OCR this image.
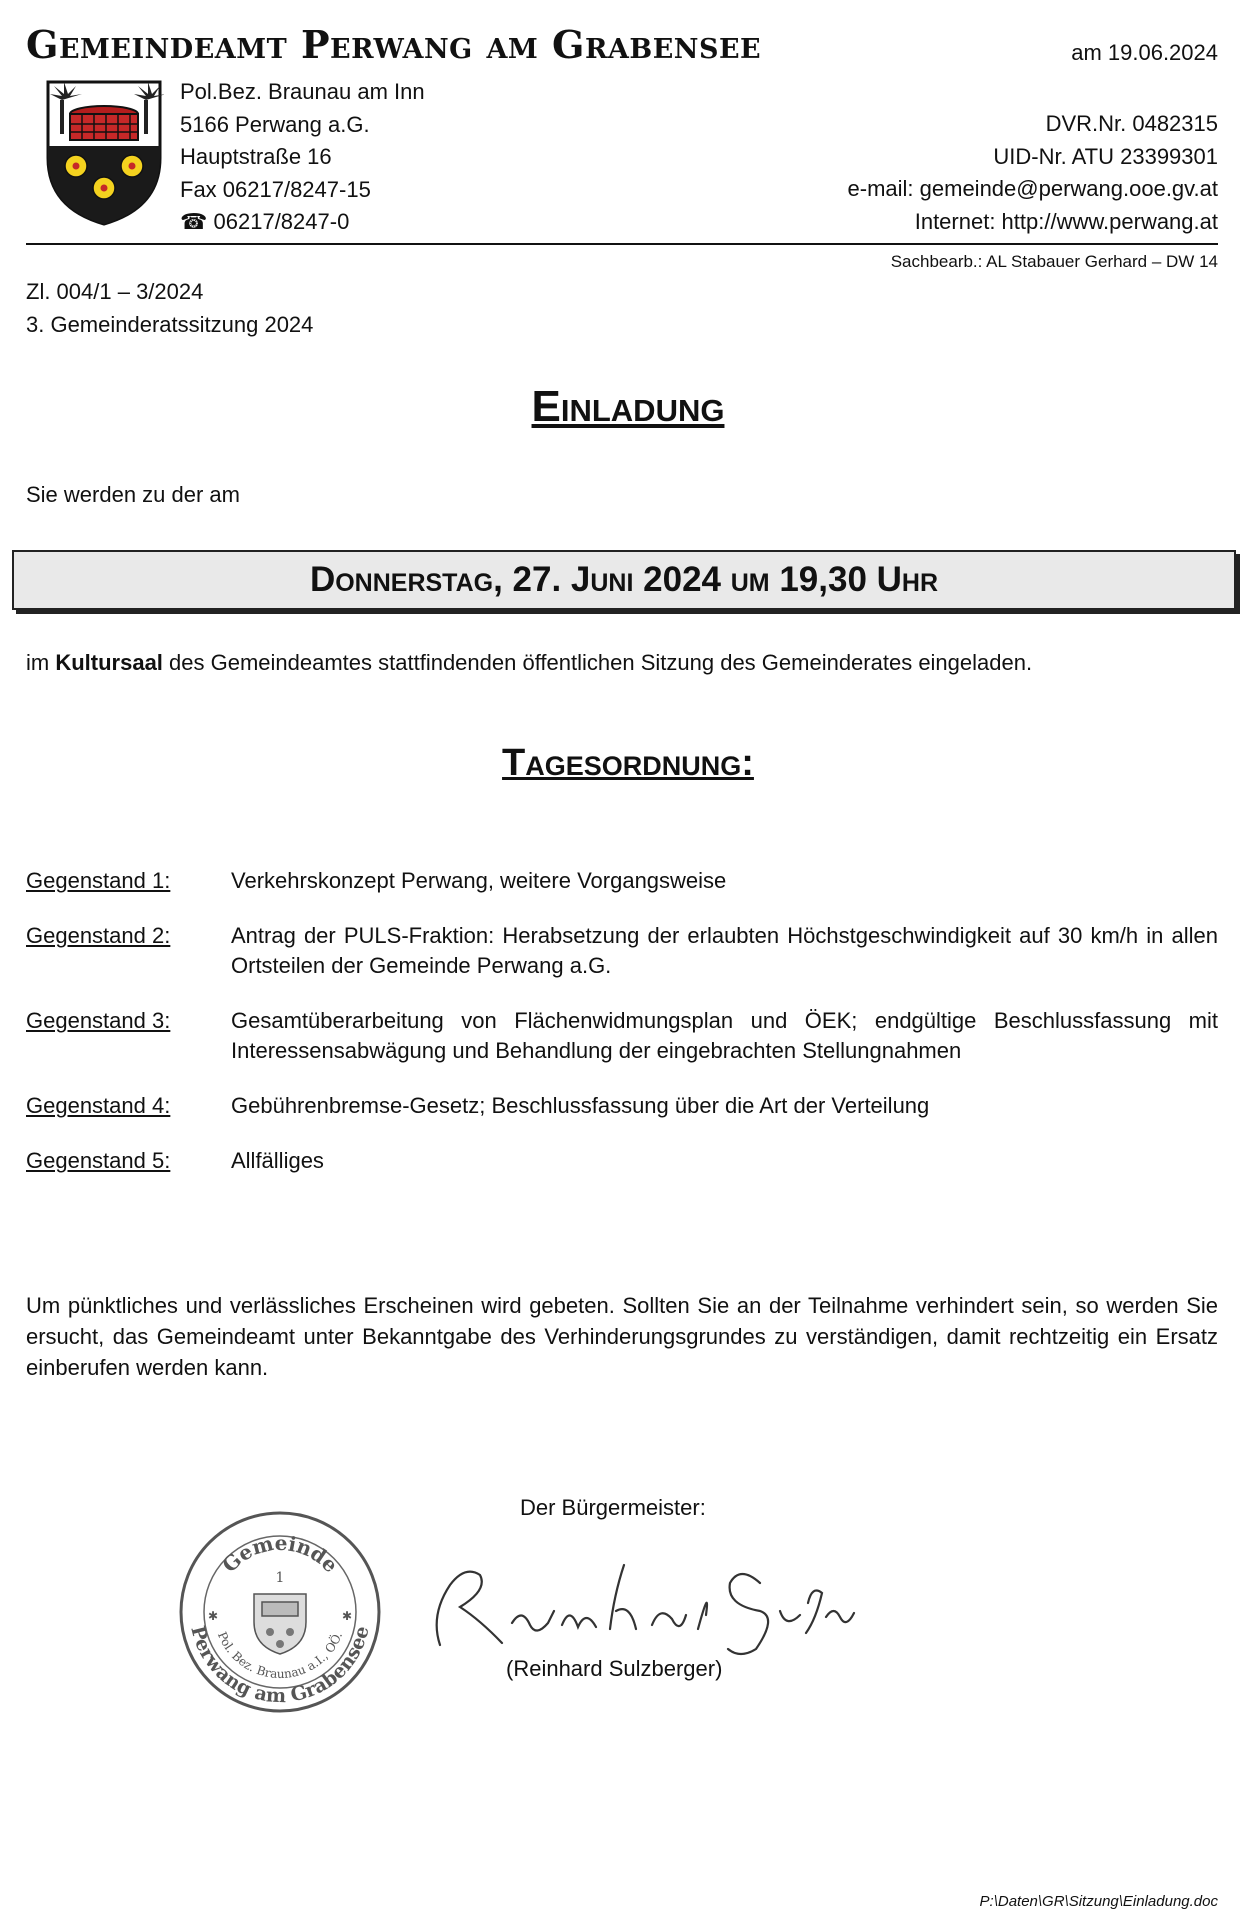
Gemeindeamt Perwang am Grabensee	am 19.06.2024
Pol.Bez. Braunau am Inn
5166 Perwang a.G.
Hauptstraße 16
Fax 06217/8247-15
☎ 06217/8247-0
DVR.Nr. 0482315
UID-Nr. ATU 23399301
e-mail: gemeinde@perwang.ooe.gv.at
Internet: http://www.perwang.at
Sachbearb.: AL Stabauer Gerhard – DW 14
Zl. 004/1 – 3/2024
3. Gemeinderatssitzung 2024
Einladung
Sie werden zu der am
Donnerstag, 27. Juni 2024 um 19,30 Uhr
im Kultursaal des Gemeindeamtes stattfindenden öffentlichen Sitzung des Gemeinderates eingeladen.
Tagesordnung:
Gegenstand 1:	Verkehrskonzept Perwang, weitere Vorgangsweise
Gegenstand 2:	Antrag der PULS-Fraktion: Herabsetzung der erlaubten Höchstgeschwindigkeit auf 30 km/h in allen Ortsteilen der Gemeinde Perwang a.G.
Gegenstand 3:	Gesamtüberarbeitung von Flächenwidmungsplan und ÖEK; endgültige Beschlussfassung mit Interessensabwägung und Behandlung der eingebrachten Stellungnahmen
Gegenstand 4:	Gebührenbremse-Gesetz; Beschlussfassung über die Art der Verteilung
Gegenstand 5:	Allfälliges
Um pünktliches und verlässliches Erscheinen wird gebeten. Sollten Sie an der Teilnahme verhindert sein, so werden Sie ersucht, das Gemeindeamt unter Bekanntgabe des Verhinderungsgrundes zu verständigen, damit rechtzeitig ein Ersatz einberufen werden kann.
Der Bürgermeister:
Gemeinde
1
Perwang am Grabensee
Pol. Bez. Braunau a.I., OÖ.
✱	✱
(Reinhard Sulzberger)
P:\Daten\GR\Sitzung\Einladung.doc
